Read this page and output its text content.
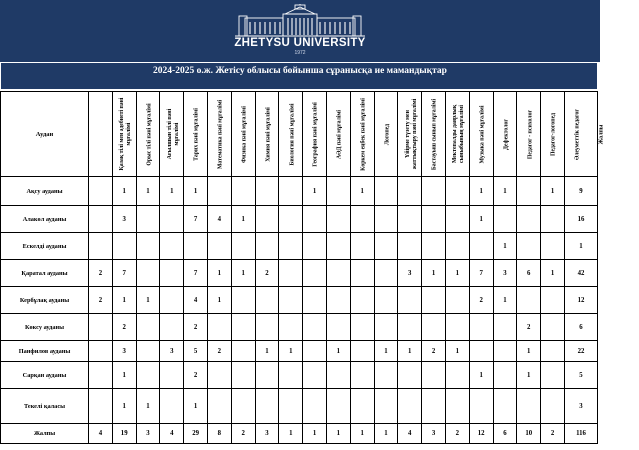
ZHETYSU UNIVERSITY
1972
2024-2025 о.ж. Жетісу облысы бойынша сұранысқа ие мамандықтар
Аудан	Қазақ тілі мен әдебиеті пәні мұғалімі	Орыс тілі пәні мұғалімі	Ағылшын тілі пәні мұғалімі	Тарих пәні мұғалімі	Математика пәні мұғалімі	Физика пәні мұғалімі	Химия пәні мұғалімі	Биология пәні мұғалімі	География пәні мұғалімі	АӘД пәні мұғалімі	Көркем еңбек пәні мұғалімі	Логопед	Үйірме түзету мен жаттықтыру пәні мұғалімі	Бастауыш сынып мұғалімі	Мектепалды даярлық сыныбының мұғалімі	Музыка пәні мұғалімі	Дефектолог	Педагог - психолог	Педагог-логопед	Әлеуметтік педагог	Жалпы
Ақсу ауданы		1	1	1	1					1		1					1	1		1	9
Алакөл ауданы		3			7	4	1										1				16
Ескелді ауданы																		1			1
Қаратал ауданы	2	7			7	1	1	2						3	1	1	7	3	6	1	42
Кербұлақ ауданы	2	1	1		4	1											2	1			12
Көксу ауданы		2			2														2		6
Панфилов ауданы		3		3	5	2		1	1		1		1	1	2	1			1		22
Сарқан ауданы		1			2												1		1		5
Текелі қаласы		1	1		1																3
Жалпы	4	19	3	4	29	8	2	3	1	1	1	1	1	4	3	2	12	6	10	2	116
